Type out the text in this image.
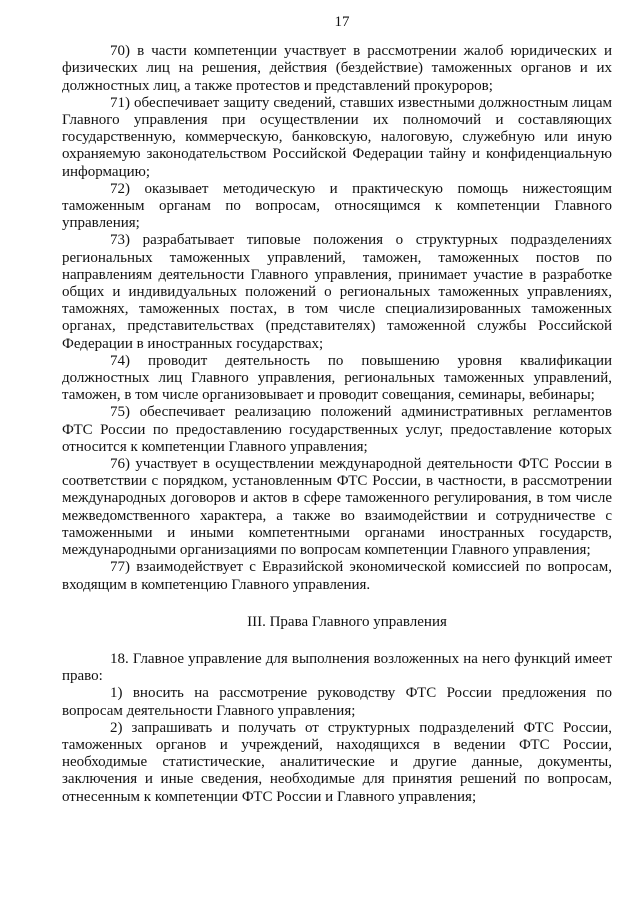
17

70) в части компетенции участвует в рассмотрении жалоб юридических и физических лиц на решения, действия (бездействие) таможенных органов и их должностных лиц, а также протестов и представлений прокуроров;

71) обеспечивает защиту сведений, ставших известными должностным лицам Главного управления при осуществлении их полномочий и составляющих государственную, коммерческую, банковскую, налоговую, служебную или иную охраняемую законодательством Российской Федерации тайну и конфиденциальную информацию;

72) оказывает методическую и практическую помощь нижестоящим таможенным органам по вопросам, относящимся к компетенции Главного управления;

73) разрабатывает типовые положения о структурных подразделениях региональных таможенных управлений, таможен, таможенных постов по направлениям деятельности Главного управления, принимает участие в разработке общих и индивидуальных положений о региональных таможенных управлениях, таможнях, таможенных постах, в том числе специализированных таможенных органах, представительствах (представителях) таможенной службы Российской Федерации в иностранных государствах;

74) проводит деятельность по повышению уровня квалификации должностных лиц Главного управления, региональных таможенных управлений, таможен, в том числе организовывает и проводит совещания, семинары, вебинары;

75) обеспечивает реализацию положений административных регламентов ФТС России по предоставлению государственных услуг, предоставление которых относится к компетенции Главного управления;

76) участвует в осуществлении международной деятельности ФТС России в соответствии с порядком, установленным ФТС России, в частности, в рассмотрении международных договоров и актов в сфере таможенного регулирования, в том числе межведомственного характера, а также во взаимодействии и сотрудничестве с таможенными и иными компетентными органами иностранных государств, международными организациями по вопросам компетенции Главного управления;

77) взаимодействует с Евразийской экономической комиссией по вопросам, входящим в компетенцию Главного управления.

III. Права Главного управления

18. Главное управление для выполнения возложенных на него функций имеет право:

1) вносить на рассмотрение руководству ФТС России предложения по вопросам деятельности Главного управления;

2) запрашивать и получать от структурных подразделений ФТС России, таможенных органов и учреждений, находящихся в ведении ФТС России, необходимые статистические, аналитические и другие данные, документы, заключения и иные сведения, необходимые для принятия решений по вопросам, отнесенным к компетенции ФТС России и Главного управления;
